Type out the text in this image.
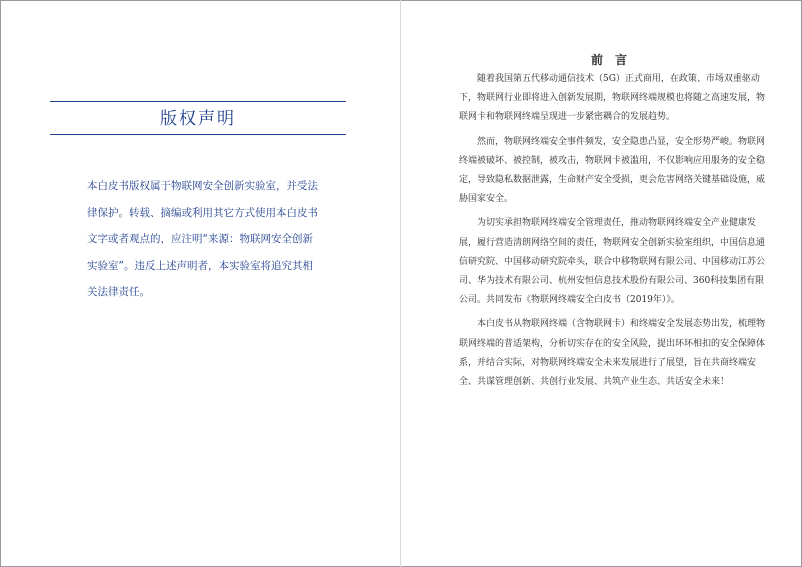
版权声明
本白皮书版权属于物联网安全创新实验室，并受法律保护。转载、摘编或利用其它方式使用本白皮书文字或者观点的，应注明“来源：物联网安全创新实验室”。违反上述声明者，本实验室将追究其相关法律责任。
前言

随着我国第五代移动通信技术（5G）正式商用，在政策、市场双重驱动下，物联网行业即将进入创新发展期，物联网终端规模也将随之高速发展，物联网卡和物联网终端呈现进一步紧密耦合的发展趋势。

然而，物联网终端安全事件频发，安全隐患凸显，安全形势严峻。物联网终端被破坏、被控制，被攻击，物联网卡被滥用，不仅影响应用服务的安全稳定，导致隐私数据泄露，生命财产安全受损，更会危害网络关键基础设施，威胁国家安全。

为切实承担物联网终端安全管理责任，推动物联网终端安全产业健康发展，履行营造清朗网络空间的责任，物联网安全创新实验室组织，中国信息通信研究院、中国移动研究院牵头，联合中移物联网有限公司、中国移动江苏公司、华为技术有限公司、杭州安恒信息技术股份有限公司、360科技集团有限公司。共同发布《物联网终端安全白皮书（2019年）》。

本白皮书从物联网终端（含物联网卡）和终端安全发展态势出发，梳理物联网终端的普适架构，分析切实存在的安全风险，提出环环相扣的安全保障体系，并结合实际，对物联网终端安全未来发展进行了展望，旨在共商终端安全、共谋管理创新、共创行业发展、共筑产业生态、共话安全未来！
